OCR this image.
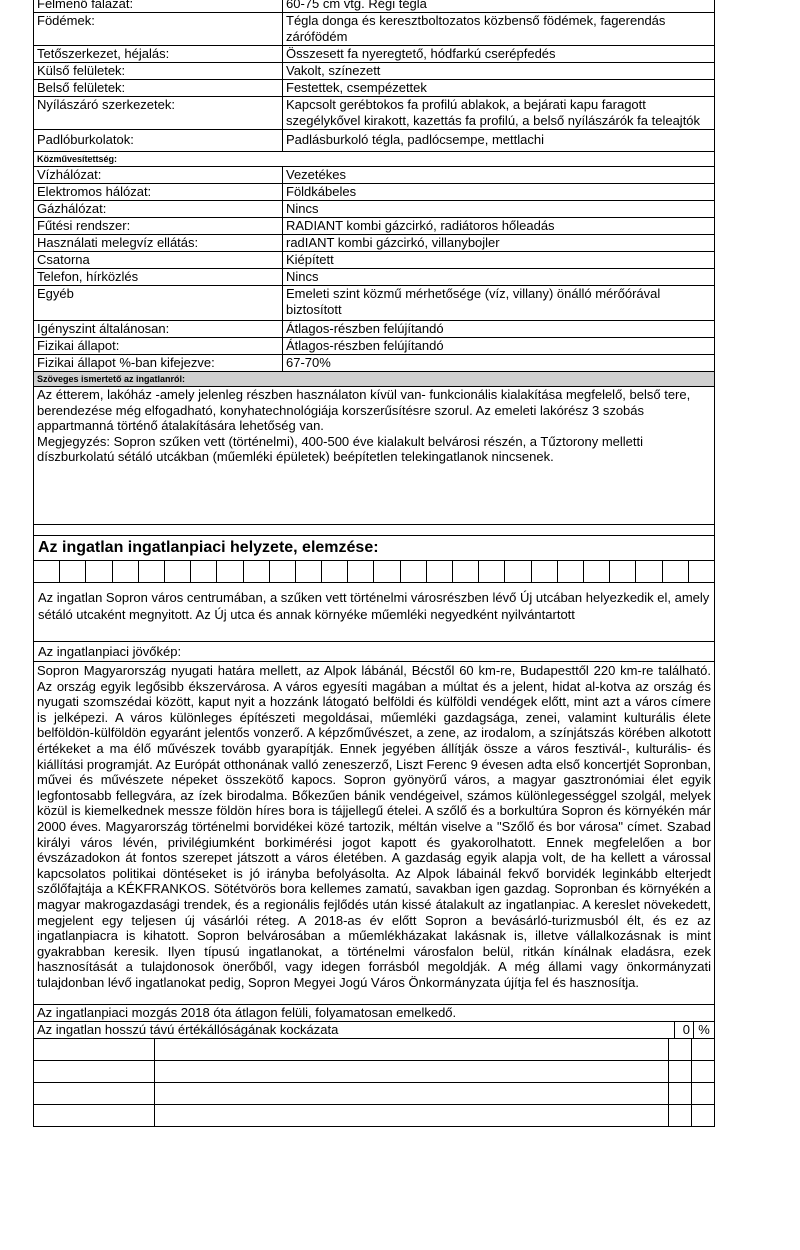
Felmenő falazat:	60-75 cm vtg. Régi tégla
Födémek:	Tégla donga és keresztboltozatos közbenső födémek, fagerendás zárófödém
Tetőszerkezet, héjalás:	Összesett fa nyeregtető, hódfarkú cserépfedés
Külső felületek:	Vakolt, színezett
Belső felületek:	Festettek, csempézettek
Nyílászáró szerkezetek:	Kapcsolt gerébtokos fa profilú ablakok, a bejárati kapu faragott szegélykővel kirakott, kazettás fa profilú, a belső nyílászárók fa teleajtók
Padlóburkolatok:	Padlásburkoló tégla, padlócsempe, mettlachi
Közművesítettség:
Vízhálózat:	Vezetékes
Elektromos hálózat:	Földkábeles
Gázhálózat:	Nincs
Fűtési rendszer:	RADIANT kombi gázcirkó, radiátoros hőleadás
Használati melegvíz ellátás:	radIANT kombi gázcirkó, villanybojler
Csatorna	Kiépített
Telefon, hírközlés	Nincs
Egyéb	Emeleti szint közmű mérhetősége (víz, villany) önálló mérőórával biztosított
Igényszint általánosan:	Átlagos-részben felújítandó
Fizikai állapot:	Átlagos-részben felújítandó
Fizikai állapot %-ban kifejezve:	67-70%
Szöveges ismertető az ingatlanról:
Az étterem, lakóház -amely jelenleg részben használaton kívül van- funkcionális kialakítása megfelelő, belső tere, berendezése még elfogadható, konyhatechnológiája korszerűsítésre szorul. Az emeleti lakórész 3 szobás appartmanná történő átalakítására lehetőség van.
Megjegyzés: Sopron szűken vett (történelmi), 400-500 éve kialakult belvárosi részén, a Tűztorony melletti díszburkolatú sétáló utcákban (műemléki épületek) beépítetlen telekingatlanok nincsenek.
Az ingatlan ingatlanpiaci helyzete, elemzése:

Az ingatlan Sopron város centrumában, a szűken vett történelmi városrészben lévő Új utcában helyezkedik el, amely sétáló utcaként megnyitott. Az Új utca és annak környéke műemléki negyedként nyilvántartott
Az ingatlanpiaci jövőkép:
Sopron Magyarország nyugati határa mellett, az Alpok lábánál, Bécstől 60 km-re, Budapesttől 220 km-re található. Az ország egyik legősibb ékszervárosa. A város egyesíti magában a múltat és a jelent, hidat al-kotva az ország és nyugati szomszédai között, kaput nyit a hozzánk látogató belföldi és külföldi vendégek előtt, mint azt a város címere is jelképezi. A város különleges építészeti megoldásai, műemléki gazdagsága, zenei, valamint kulturális élete belföldön-külföldön egyaránt jelentős vonzerő. A képzőművészet, a zene, az irodalom, a színjátszás körében alkotott értékeket a ma élő művészek tovább gyarapítják. Ennek jegyében állítják össze a város fesztivál-, kulturális- és kiállítási programját. Az Európát otthonának valló zeneszerző, Liszt Ferenc 9 évesen adta első koncertjét Sopronban, művei és művészete népeket összekötő kapocs. Sopron gyönyörű város, a magyar gasztronómiai élet egyik legfontosabb fellegvára, az ízek birodalma. Bőkezűen bánik vendégeivel, számos különlegességgel szolgál, melyek közül is kiemelkednek messze földön híres bora is tájjellegű ételei. A szőlő és a borkultúra Sopron és környékén már 2000 éves. Magyarország történelmi borvidékei közé tartozik, méltán viselve a "Szőlő és bor városa" címet. Szabad királyi város lévén, privilégiumként borkimérési jogot kapott és gyakorolhatott. Ennek megfelelően a bor évszázadokon át fontos szerepet játszott a város életében. A gazdaság egyik alapja volt, de ha kellett a várossal kapcsolatos politikai döntéseket is jó irányba befolyásolta. Az Alpok lábainál fekvő borvidék leginkább elterjedt szőlőfajtája a KÉKFRANKOS. Sötétvörös bora kellemes zamatú, savakban igen gazdag. Sopronban és környékén a magyar makrogazdasági trendek, és a regionális fejlődés után kissé átalakult az ingatlanpiac. A kereslet növekedett, megjelent egy teljesen új vásárlói réteg. A 2018-as év előtt Sopron a bevásárló-turizmusból élt, és ez az ingatlanpiacra is kihatott. Sopron belvárosában a műemlékházakat lakásnak is, illetve vállalkozásnak is mint gyakrabban keresik. Ilyen típusú ingatlanokat, a történelmi városfalon belül, ritkán kínálnak eladásra, ezek hasznosítását a tulajdonosok önerőből, vagy idegen forrásból megoldják. A még állami vagy önkormányzati tulajdonban lévő ingatlanokat pedig, Sopron Megyei Jogú Város Önkormányzata újítja fel és hasznosítja.
Az ingatlanpiaci mozgás 2018 óta átlagon felüli, folyamatosan emelkedő.
Az ingatlan hosszú távú értékállóságának kockázata	0	%
